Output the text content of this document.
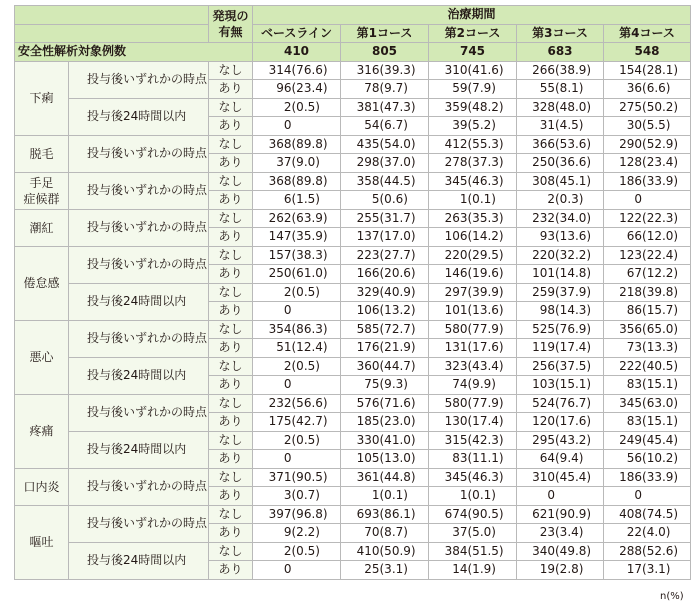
		発現の
有無	治療期間				
			ベースライン	第1コース	第2コース	第3コース	第4コース
安全性解析対象例数			410	805	745	683	548
下痢	投与後いずれかの時点	なし	314(76.6)	316(39.3)	310(41.6)	266(38.9)	154(28.1)
		あり	96(23.4)	78(9.7)	59(7.9)	55(8.1)	36(6.6)
	投与後24時間以内	なし	2(0.5)	381(47.3)	359(48.2)	328(48.0)	275(50.2)
		あり	0	54(6.7)	39(5.2)	31(4.5)	30(5.5)
脱毛	投与後いずれかの時点	なし	368(89.8)	435(54.0)	412(55.3)	366(53.6)	290(52.9)
		あり	37(9.0)	298(37.0)	278(37.3)	250(36.6)	128(23.4)
手足
症候群	投与後いずれかの時点	なし	368(89.8)	358(44.5)	345(46.3)	308(45.1)	186(33.9)
		あり	6(1.5)	5(0.6)	1(0.1)	2(0.3)	0
潮紅	投与後いずれかの時点	なし	262(63.9)	255(31.7)	263(35.3)	232(34.0)	122(22.3)
		あり	147(35.9)	137(17.0)	106(14.2)	93(13.6)	66(12.0)
倦怠感	投与後いずれかの時点	なし	157(38.3)	223(27.7)	220(29.5)	220(32.2)	123(22.4)
		あり	250(61.0)	166(20.6)	146(19.6)	101(14.8)	67(12.2)
	投与後24時間以内	なし	2(0.5)	329(40.9)	297(39.9)	259(37.9)	218(39.8)
		あり	0	106(13.2)	101(13.6)	98(14.3)	86(15.7)
悪心	投与後いずれかの時点	なし	354(86.3)	585(72.7)	580(77.9)	525(76.9)	356(65.0)
		あり	51(12.4)	176(21.9)	131(17.6)	119(17.4)	73(13.3)
	投与後24時間以内	なし	2(0.5)	360(44.7)	323(43.4)	256(37.5)	222(40.5)
		あり	0	75(9.3)	74(9.9)	103(15.1)	83(15.1)
疼痛	投与後いずれかの時点	なし	232(56.6)	576(71.6)	580(77.9)	524(76.7)	345(63.0)
		あり	175(42.7)	185(23.0)	130(17.4)	120(17.6)	83(15.1)
	投与後24時間以内	なし	2(0.5)	330(41.0)	315(42.3)	295(43.2)	249(45.4)
		あり	0	105(13.0)	83(11.1)	64(9.4)	56(10.2)
口内炎	投与後いずれかの時点	なし	371(90.5)	361(44.8)	345(46.3)	310(45.4)	186(33.9)
		あり	3(0.7)	1(0.1)	1(0.1)	0	0
嘔吐	投与後いずれかの時点	なし	397(96.8)	693(86.1)	674(90.5)	621(90.9)	408(74.5)
		あり	9(2.2)	70(8.7)	37(5.0)	23(3.4)	22(4.0)
	投与後24時間以内	なし	2(0.5)	410(50.9)	384(51.5)	340(49.8)	288(52.6)
		あり	0	25(3.1)	14(1.9)	19(2.8)	17(3.1)
n(%)
